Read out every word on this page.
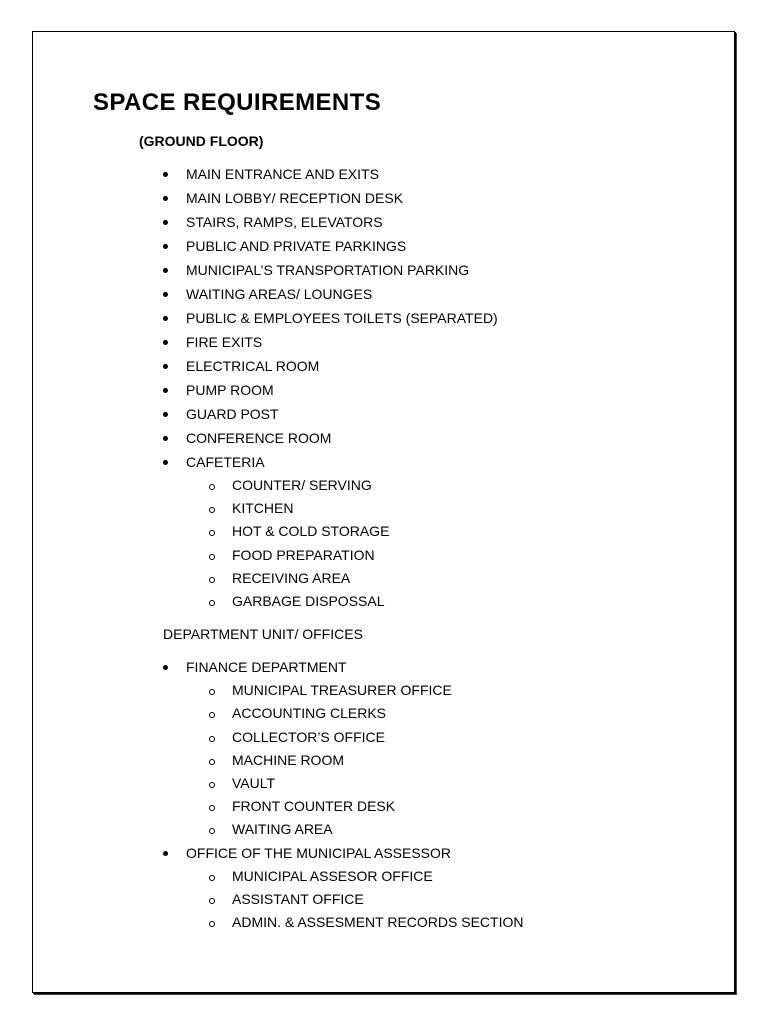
SPACE REQUIREMENTS
(GROUND FLOOR)
MAIN ENTRANCE AND EXITS
MAIN LOBBY/ RECEPTION DESK
STAIRS, RAMPS, ELEVATORS
PUBLIC AND PRIVATE PARKINGS
MUNICIPAL’S TRANSPORTATION PARKING
WAITING AREAS/ LOUNGES
PUBLIC & EMPLOYEES TOILETS (SEPARATED)
FIRE EXITS
ELECTRICAL ROOM
PUMP ROOM
GUARD POST
CONFERENCE ROOM
CAFETERIA
COUNTER/ SERVING
KITCHEN
HOT & COLD STORAGE
FOOD PREPARATION
RECEIVING AREA
GARBAGE DISPOSSAL
DEPARTMENT UNIT/ OFFICES
FINANCE DEPARTMENT
MUNICIPAL TREASURER OFFICE
ACCOUNTING CLERKS
COLLECTOR’S OFFICE
MACHINE ROOM
VAULT
FRONT COUNTER DESK
WAITING AREA
OFFICE OF THE MUNICIPAL ASSESSOR
MUNICIPAL ASSESOR OFFICE
ASSISTANT OFFICE
ADMIN. & ASSESMENT RECORDS SECTION
